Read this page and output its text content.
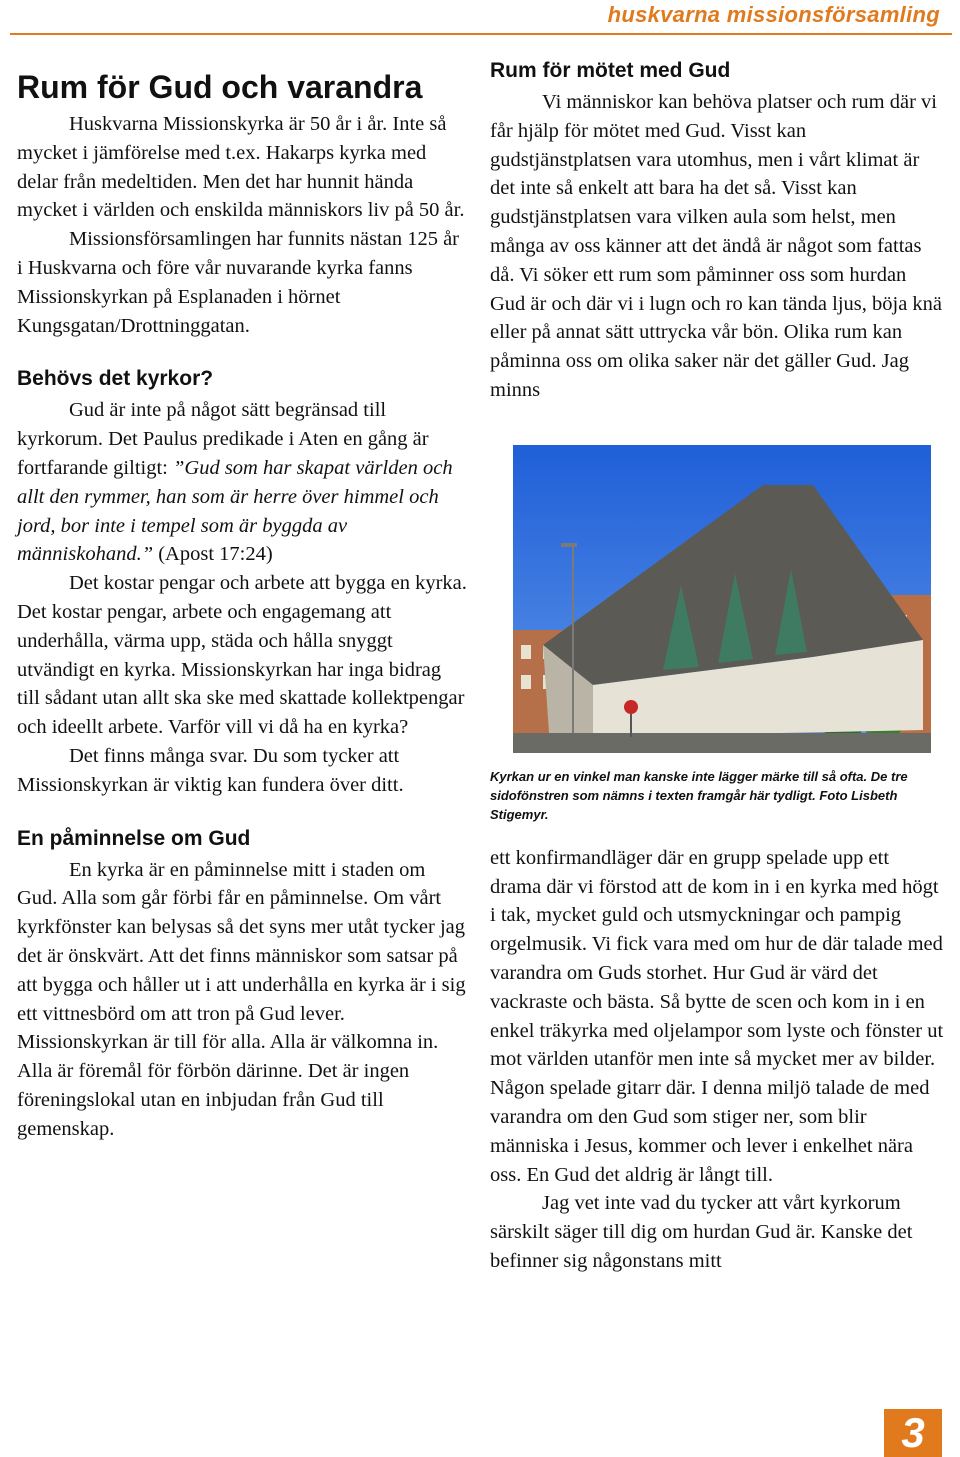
huskvarna missionsförsamling
Rum för Gud och varandra

Huskvarna Missionskyrka är 50 år i år. Inte så mycket i jämförelse med t.ex. Hakarps kyrka med delar från medeltiden. Men det har hunnit hända mycket i världen och enskilda människors liv på 50 år.

Missionsförsamlingen har funnits nästan 125 år i Huskvarna och före vår nuvarande kyrka fanns Missionskyrkan på Esplanaden i hörnet Kungsgatan/Drottninggatan.

Behövs det kyrkor?

Gud är inte på något sätt begränsad till kyrkorum. Det Paulus predikade i Aten en gång är fortfarande giltigt: ”Gud som har skapat världen och allt den rymmer, han som är herre över himmel och jord, bor inte i tempel som är byggda av människohand.” (Apost 17:24)

Det kostar pengar och arbete att bygga en kyrka. Det kostar pengar, arbete och engagemang att underhålla, värma upp, städa och hålla snyggt utvändigt en kyrka. Missionskyrkan har inga bidrag till sådant utan allt ska ske med skattade kollektpengar och ideellt arbete. Varför vill vi då ha en kyrka?

Det finns många svar. Du som tycker att Missionskyrkan är viktig kan fundera över ditt.

En påminnelse om Gud

En kyrka är en påminnelse mitt i staden om Gud. Alla som går förbi får en påminnelse. Om vårt kyrkfönster kan belysas så det syns mer utåt tycker jag det är önskvärt. Att det finns människor som satsar på att bygga och håller ut i att underhålla en kyrka är i sig ett vittnesbörd om att tron på Gud lever. Missionskyrkan är till för alla. Alla är välkomna in. Alla är föremål för förbön därinne. Det är ingen föreningslokal utan en inbjudan från Gud till gemenskap.

Rum för mötet med Gud

Vi människor kan behöva platser och rum där vi får hjälp för mötet med Gud. Visst kan gudstjänstplatsen vara utomhus, men i vårt klimat är det inte så enkelt att bara ha det så. Visst kan gudstjänstplatsen vara vilken aula som helst, men många av oss känner att det ändå är något som fattas då. Vi söker ett rum som påminner oss som hurdan Gud är och där vi i lugn och ro kan tända ljus, böja knä eller på annat sätt uttrycka vår bön. Olika rum kan påminna oss om olika saker när det gäller Gud. Jag minns

Kyrkan ur en vinkel man kanske inte lägger märke till så ofta. De tre sidofönstren som nämns i texten framgår här tydligt. Foto Lisbeth Stigemyr.

ett konfirmandläger där en grupp spelade upp ett drama där vi förstod att de kom in i en kyrka med högt i tak, mycket guld och utsmyckningar och pampig orgelmusik. Vi fick vara med om hur de där talade med varandra om Guds storhet. Hur Gud är värd det vackraste och bästa. Så bytte de scen och kom in i en enkel träkyrka med oljelampor som lyste och fönster ut mot världen utanför men inte så mycket mer av bilder. Någon spelade gitarr där. I denna miljö talade de med varandra om den Gud som stiger ner, som blir människa i Jesus, kommer och lever i enkelhet nära oss. En Gud det aldrig är långt till.

Jag vet inte vad du tycker att vårt kyrkorum särskilt säger till dig om hurdan Gud är. Kanske det befinner sig någonstans mitt

3
